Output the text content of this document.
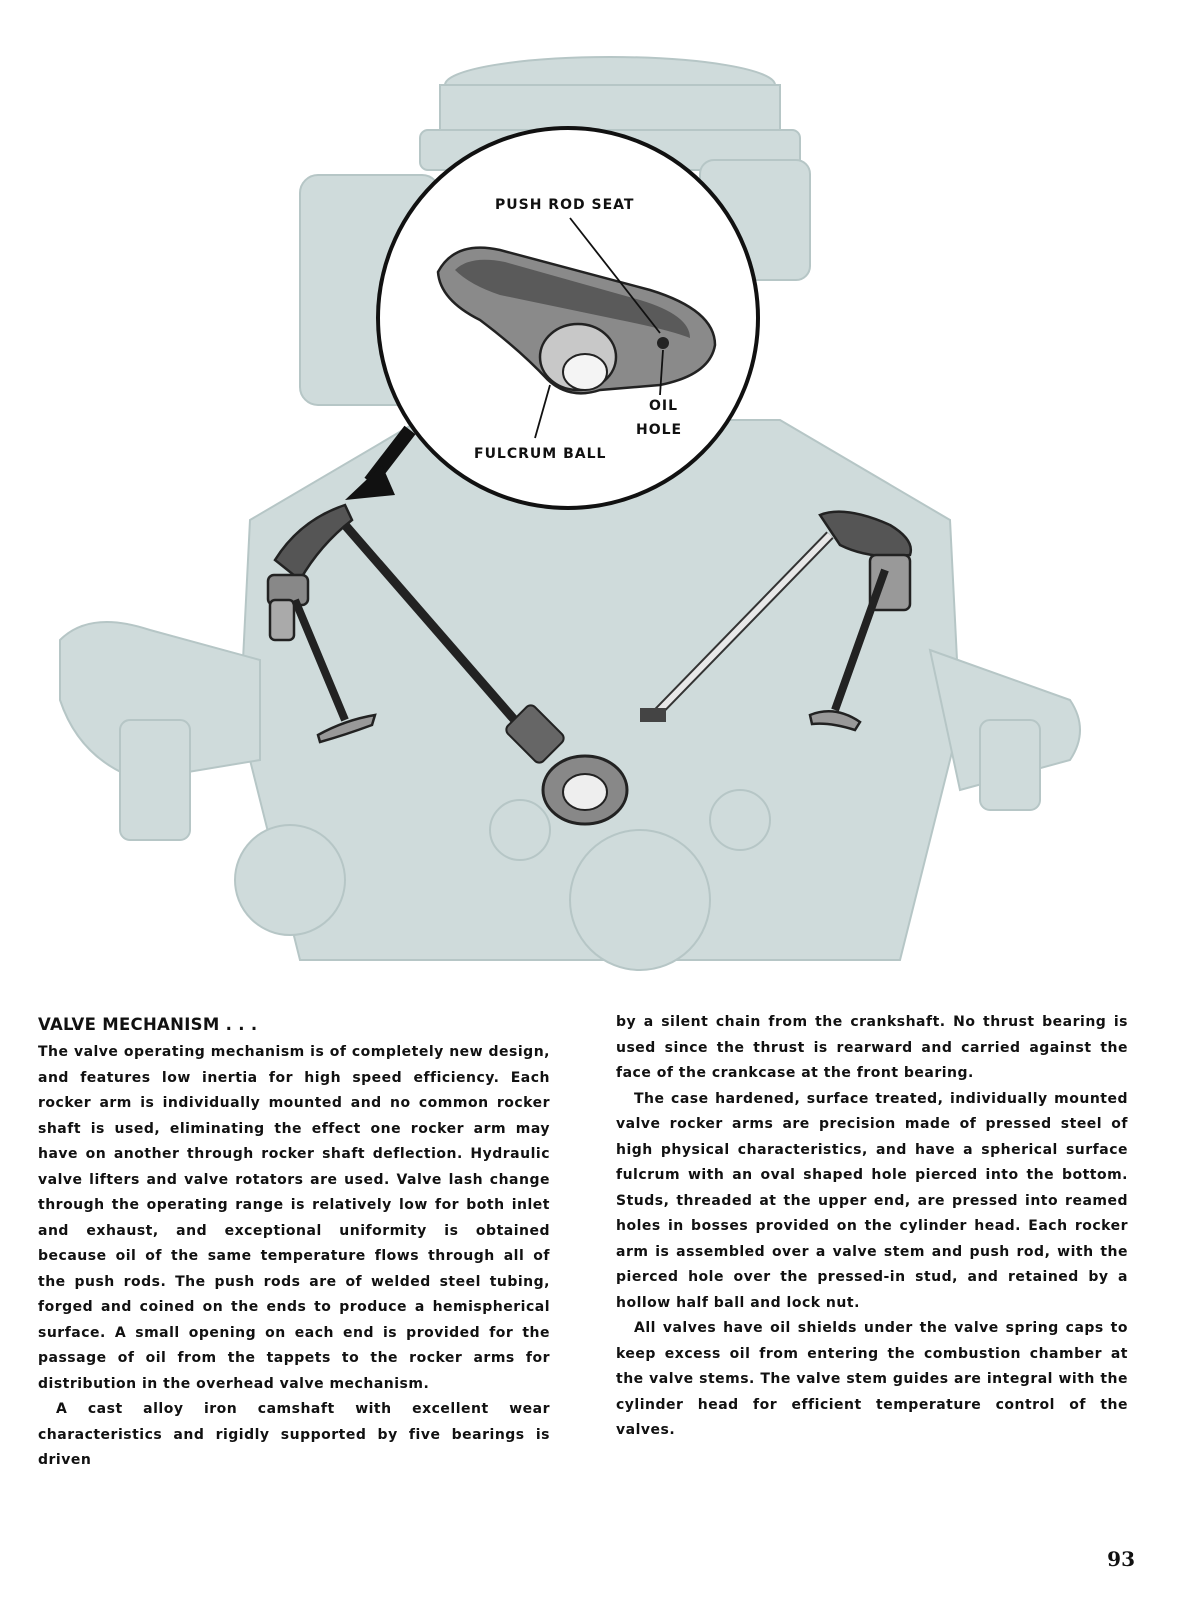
PUSH ROD SEAT
OIL
HOLE
FULCRUM BALL
VALVE MECHANISM . . .

The valve operating mechanism is of completely new design, and features low inertia for high speed efficiency. Each rocker arm is individually mounted and no common rocker shaft is used, eliminating the effect one rocker arm may have on another through rocker shaft deflection. Hydraulic valve lifters and valve rotators are used. Valve lash change through the operating range is relatively low for both inlet and exhaust, and exceptional uniformity is obtained because oil of the same temperature flows through all of the push rods. The push rods are of welded steel tubing, forged and coined on the ends to produce a hemispherical surface. A small opening on each end is provided for the passage of oil from the tappets to the rocker arms for distribution in the overhead valve mechanism.

A cast alloy iron camshaft with excellent wear characteristics and rigidly supported by five bearings is driven

by a silent chain from the crankshaft. No thrust bearing is used since the thrust is rearward and carried against the face of the crankcase at the front bearing.

The case hardened, surface treated, individually mounted valve rocker arms are precision made of pressed steel of high physical characteristics, and have a spherical surface fulcrum with an oval shaped hole pierced into the bottom. Studs, threaded at the upper end, are pressed into reamed holes in bosses provided on the cylinder head. Each rocker arm is assembled over a valve stem and push rod, with the pierced hole over the pressed-in stud, and retained by a hollow half ball and lock nut.

All valves have oil shields under the valve spring caps to keep excess oil from entering the combustion chamber at the valve stems. The valve stem guides are integral with the cylinder head for efficient temperature control of the valves.

93
